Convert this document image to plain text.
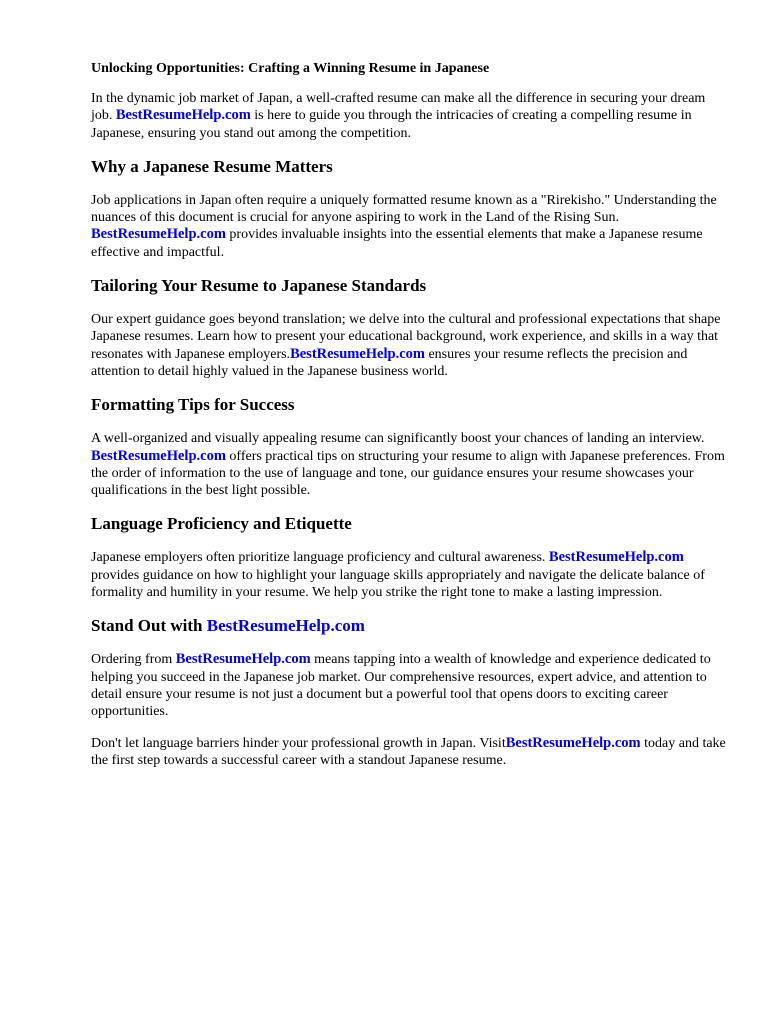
Unlocking Opportunities: Crafting a Winning Resume in Japanese

In the dynamic job market of Japan, a well-crafted resume can make all the difference in securing your dream job. BestResumeHelp.com is here to guide you through the intricacies of creating a compelling resume in Japanese, ensuring you stand out among the competition.

Why a Japanese Resume Matters

Job applications in Japan often require a uniquely formatted resume known as a "Rirekisho." Understanding the nuances of this document is crucial for anyone aspiring to work in the Land of the Rising Sun. BestResumeHelp.com provides invaluable insights into the essential elements that make a Japanese resume effective and impactful.

Tailoring Your Resume to Japanese Standards

Our expert guidance goes beyond translation; we delve into the cultural and professional expectations that shape Japanese resumes. Learn how to present your educational background, work experience, and skills in a way that resonates with Japanese employers.BestResumeHelp.com ensures your resume reflects the precision and attention to detail highly valued in the Japanese business world.

Formatting Tips for Success

A well-organized and visually appealing resume can significantly boost your chances of landing an interview. BestResumeHelp.com offers practical tips on structuring your resume to align with Japanese preferences. From the order of information to the use of language and tone, our guidance ensures your resume showcases your qualifications in the best light possible.

Language Proficiency and Etiquette

Japanese employers often prioritize language proficiency and cultural awareness. BestResumeHelp.com provides guidance on how to highlight your language skills appropriately and navigate the delicate balance of formality and humility in your resume. We help you strike the right tone to make a lasting impression.

Stand Out with BestResumeHelp.com

Ordering from BestResumeHelp.com means tapping into a wealth of knowledge and experience dedicated to helping you succeed in the Japanese job market. Our comprehensive resources, expert advice, and attention to detail ensure your resume is not just a document but a powerful tool that opens doors to exciting career opportunities.

Don't let language barriers hinder your professional growth in Japan. VisitBestResumeHelp.com today and take the first step towards a successful career with a standout Japanese resume.
